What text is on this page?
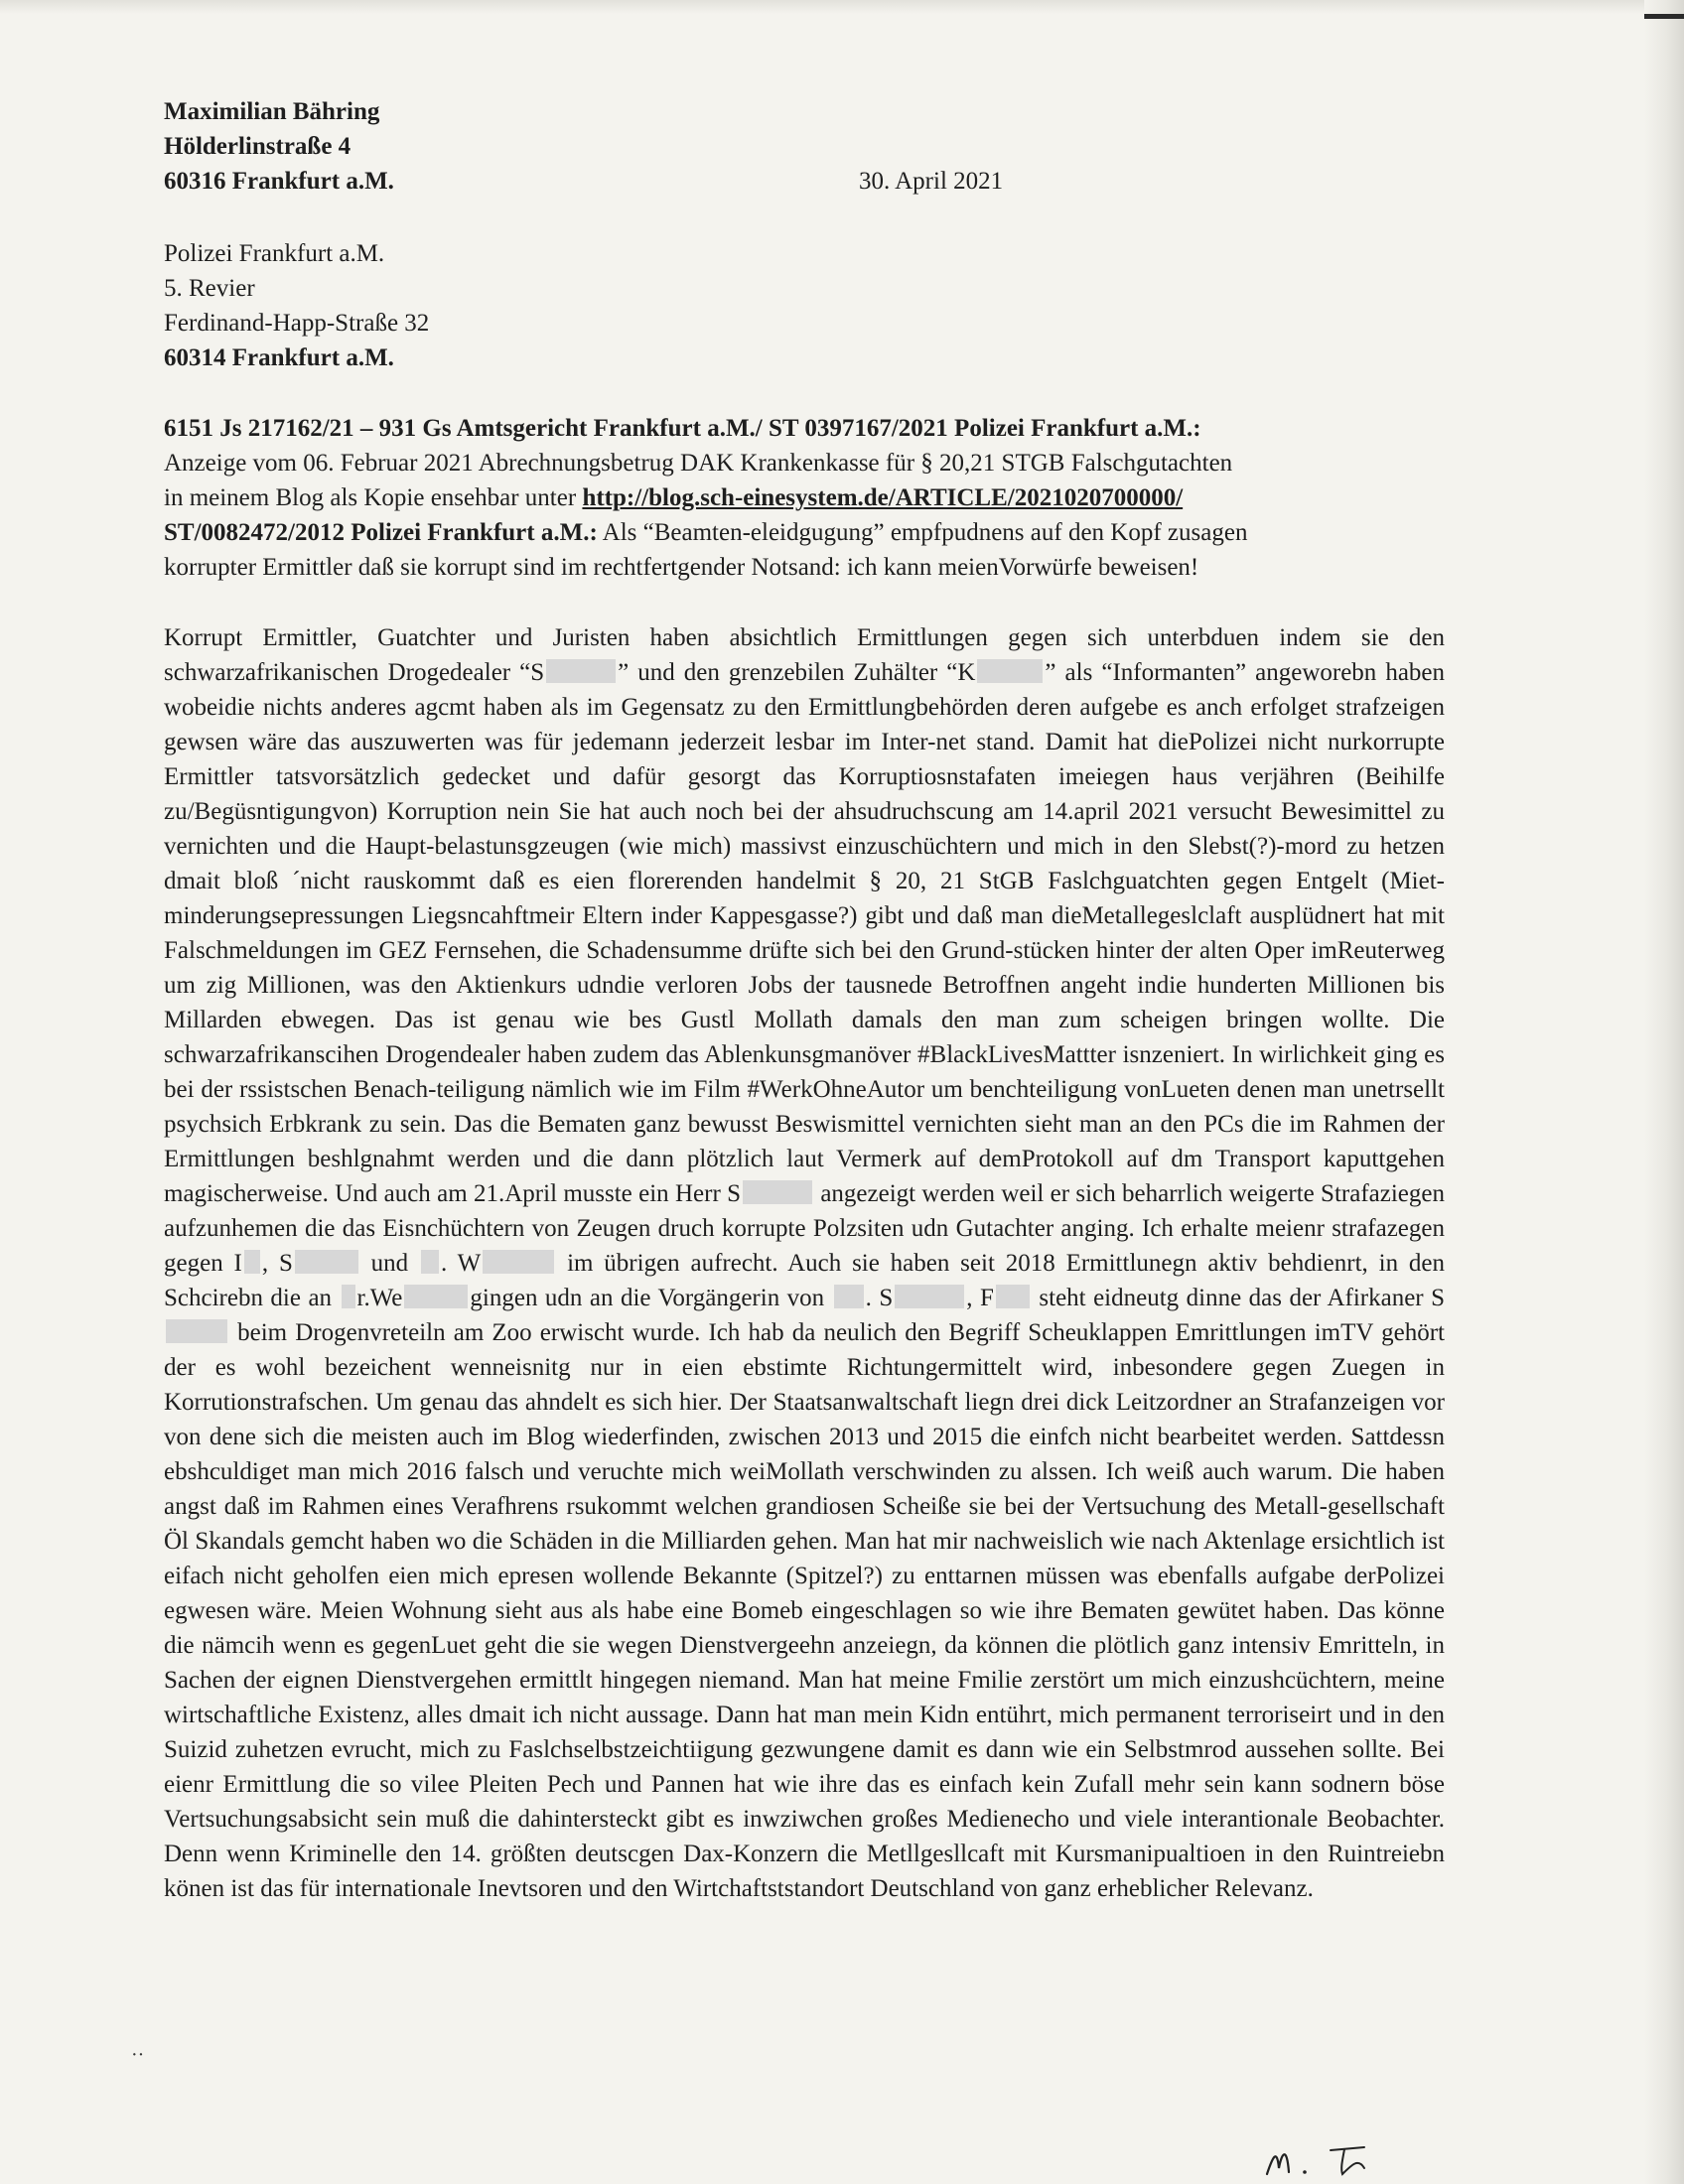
Maximilian Bähring
Hölderlinstraße 4
60316 Frankfurt a.M.	30. April 2021
Polizei Frankfurt a.M.
5. Revier
Ferdinand-Happ-Straße 32
60314 Frankfurt a.M.
6151 Js 217162/21 – 931 Gs Amtsgericht Frankfurt a.M./ ST 0397167/2021 Polizei Frankfurt a.M.:
Anzeige vom 06. Februar 2021 Abrechnungsbetrug DAK Krankenkasse für § 20,21 STGB Falschgutachten
in meinem Blog als Kopie ensehbar unter http://blog.sch-einesystem.de/ARTICLE/2021020700000/
ST/0082472/2012 Polizei Frankfurt a.M.: Als “Beamten-eleidgugung” empfpudnens auf den Kopf zusagen
korrupter Ermittler daß sie korrupt sind im rechtfertgender Notsand: ich kann meienVorwürfe beweisen!
Korrupt Ermittler, Guatchter und Juristen haben absichtlich Ermittlungen gegen sich unterbduen indem sie den schwarzafrikanischen Drogedealer “S	” und den grenzebilen Zuhälter “K	” als “Informanten” angeworebn haben wobeidie nichts anderes agcmt haben als im Gegensatz zu den Ermittlungbehörden deren aufgebe es anch erfolget strafzeigen gewsen wäre das auszuwerten was für jedemann jederzeit lesbar im Inter-net stand. Damit hat diePolizei nicht nurkorrupte Ermittler tatsvorsätzlich gedecket und dafür gesorgt das Korruptiosnstafaten imeiegen haus verjähren (Beihilfe zu/Begüsntigungvon) Korruption nein Sie hat auch noch bei der ahsudruchscung am 14.april 2021 versucht Bewesimittel zu vernichten und die Haupt-belastunsgzeugen (wie mich) massivst einzuschüchtern und mich in den Slebst(?)-mord zu hetzen dmait bloß ´nicht rauskommt daß es eien florerenden handelmit § 20, 21 StGB Faslchguatchten gegen Entgelt (Miet-minderungsepressungen Liegsncahftmeir Eltern inder Kappesgasse?) gibt und daß man dieMetallegeslclaft ausplüdnert hat mit Falschmeldungen im GEZ Fernsehen, die Schadensumme drüfte sich bei den Grund-stücken hinter der alten Oper imReuterweg um zig Millionen, was den Aktienkurs udndie verloren Jobs der tausnede Betroffnen angeht indie hunderten Millionen bis Millarden ebwegen. Das ist genau wie bes Gustl Mollath damals den man zum scheigen bringen wollte. Die schwarzafrikanscihen Drogendealer haben zudem das Ablenkunsgmanöver #BlackLivesMattter isnzeniert. In wirlichkeit ging es bei der rssistschen Benach-teiligung nämlich wie im Film #WerkOhneAutor um benchteiligung vonLueten denen man unetrsellt psychsich Erbkrank zu sein. Das die Bematen ganz bewusst Beswismittel vernichten sieht man an den PCs die im Rahmen der Ermittlungen beshlgnahmt werden und die dann plötzlich laut Vermerk auf demProtokoll auf dm Transport kaputtgehen magischerweise. Und auch am 21.April musste ein Herr S	angezeigt werden weil er sich beharrlich weigerte Strafaziegen aufzunhemen die das Eisnchüchtern von Zeugen druch korrupte Polzsiten udn Gutachter anging. Ich erhalte meienr strafazegen gegen I , S	und . W	im übrigen aufrecht. Auch sie haben seit 2018 Ermittlunegn aktiv behdienrt, in den Schcirebn die an r.We	gingen udn an die Vorgängerin von . S	, F steht eidneutg dinne das der Afirkaner S beim Drogenvreteiln am Zoo erwischt wurde. Ich hab da neulich den Begriff Scheuklappen Emrittlungen imTV gehört der es wohl bezeichent wenneisnitg nur in eien ebstimte Richtungermittelt wird, inbesondere gegen Zuegen in Korrutionstrafschen. Um genau das ahndelt es sich hier. Der Staatsanwaltschaft liegn drei dick Leitzordner an Strafanzeigen vor von dene sich die meisten auch im Blog wiederfinden, zwischen 2013 und 2015 die einfch nicht bearbeitet werden. Sattdessn ebshculdiget man mich 2016 falsch und veruchte mich weiMollath verschwinden zu alssen. Ich weiß auch warum. Die haben angst daß im Rahmen eines Verafhrens rsukommt welchen grandiosen Scheiße sie bei der Vertsuchung des Metall-gesellschaft Öl Skandals gemcht haben wo die Schäden in die Milliarden gehen. Man hat mir nachweislich wie nach Aktenlage ersichtlich ist eifach nicht geholfen eien mich epresen wollende Bekannte (Spitzel?) zu enttarnen müssen was ebenfalls aufgabe derPolizei egwesen wäre. Meien Wohnung sieht aus als habe eine Bomeb eingeschlagen so wie ihre Bematen gewütet haben. Das könne die nämcih wenn es gegenLuet geht die sie wegen Dienstvergeehn anzeiegn, da können die plötlich ganz intensiv Emritteln, in Sachen der eignen Dienstvergehen ermittlt hingegen niemand. Man hat meine Fmilie zerstört um mich einzushcüchtern, meine wirtschaftliche Existenz, alles dmait ich nicht aussage. Dann hat man mein Kidn entührt, mich permanent terroriseirt und in den Suizid zuhetzen evrucht, mich zu Faslchselbstzeichtiigung gezwungene damit es dann wie ein Selbstmrod aussehen sollte. Bei eienr Ermittlung die so vilee Pleiten Pech und Pannen hat wie ihre das es einfach kein Zufall mehr sein kann sodnern böse Vertsuchungsabsicht sein muß die dahintersteckt gibt es inwziwchen großes Medienecho und viele interantionale Beobachter. Denn wenn Kriminelle den 14. größten deutscgen Dax-Konzern die Metllgesllcaft mit Kursmanipualtioen in den Ruintreiebn könen ist das für internationale Inevtsoren und den Wirtchaftststandort Deutschland von ganz erheblicher Relevanz.
··
